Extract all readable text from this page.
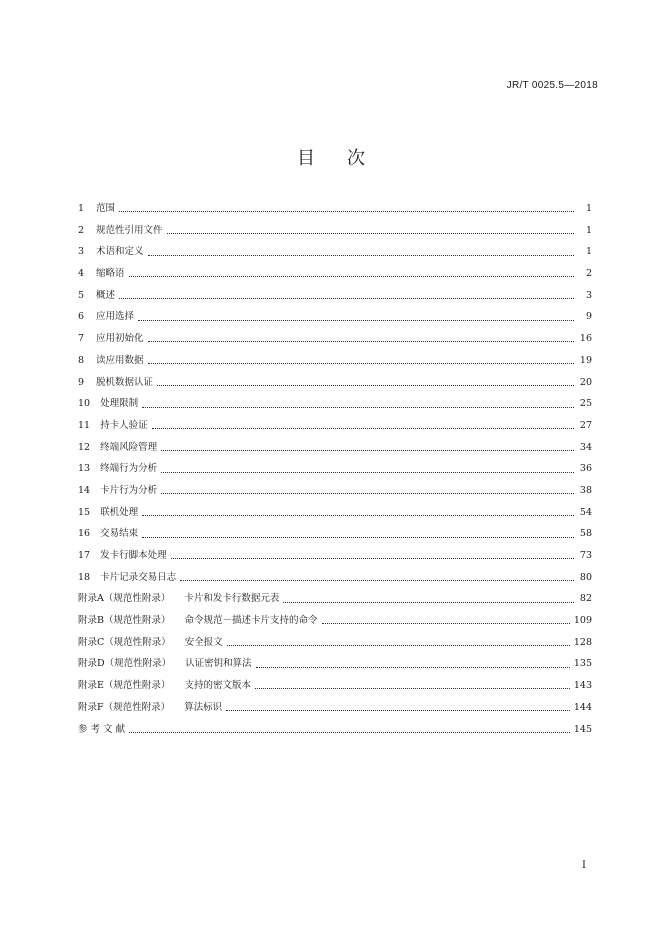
JR/T 0025.5—2018
目次
1 范围	1
2 规范性引用文件	1
3 术语和定义	1
4 缩略语	2
5 概述	3
6 应用选择	9
7 应用初始化	16
8 读应用数据	19
9 脱机数据认证	20
10 处理限制	25
11 持卡人验证	27
12 终端风险管理	34
13 终端行为分析	36
14 卡片行为分析	38
15 联机处理	54
16 交易结束	58
17 发卡行脚本处理	73
18 卡片记录交易日志	80
附录A（规范性附录） 卡片和发卡行数据元表	82
附录B（规范性附录） 命令规范－描述卡片支持的命令	109
附录C（规范性附录） 安全报文	128
附录D（规范性附录） 认证密钥和算法	135
附录E（规范性附录） 支持的密文版本	143
附录F（规范性附录） 算法标识	144
参 考 文 献	145
I
